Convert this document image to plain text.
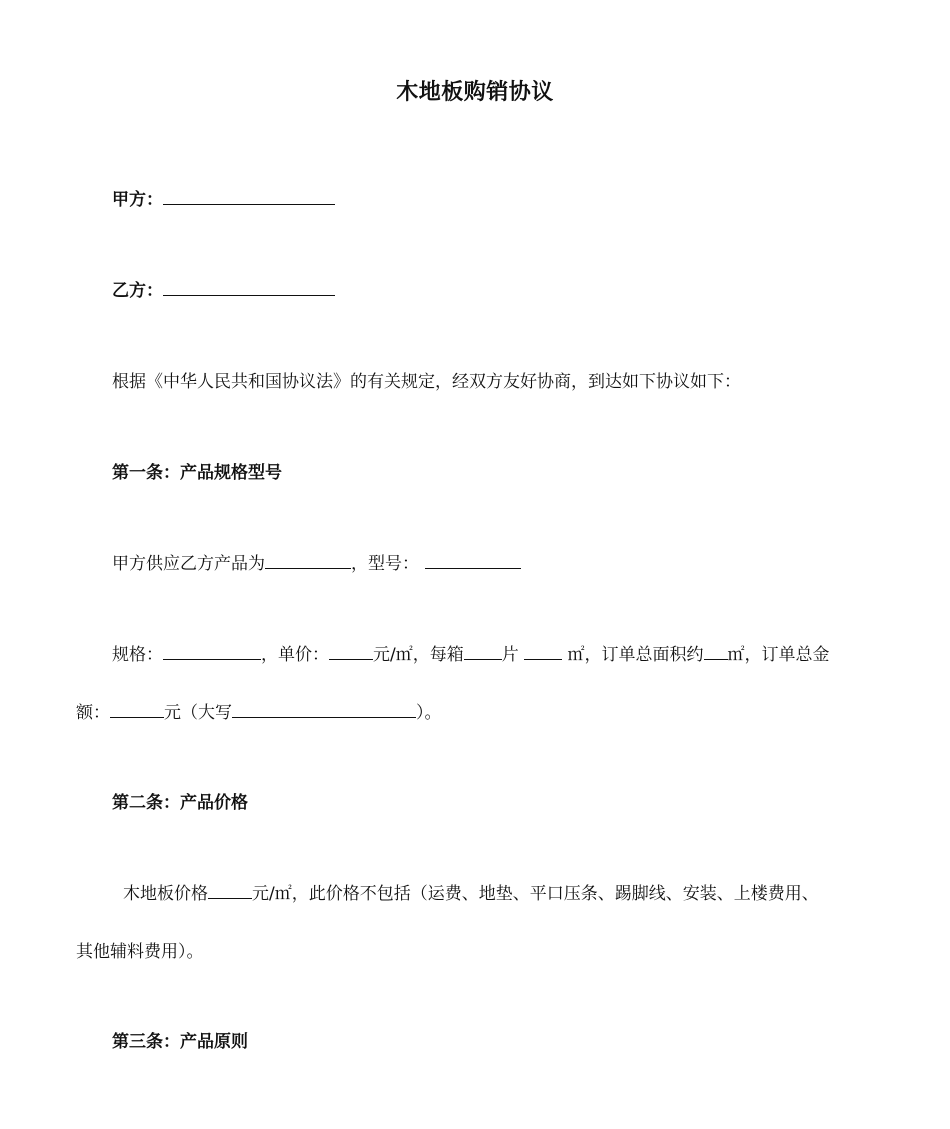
木地板购销协议
甲方：
乙方：
根据《中华人民共和国协议法》的有关规定，经双方友好协商，到达如下协议如下：
第一条：产品规格型号
甲方供应乙方产品为	，型号：
规格：	，单价：	元/㎡，每箱 片	㎡，订单总面积约 ㎡，订单总金
额：	元（大写	）。
第二条：产品价格
木地板价格	元/㎡，此价格不包括（运费、地垫、平口压条、踢脚线、安装、上楼费用、
其他辅料费用）。
第三条：产品原则
